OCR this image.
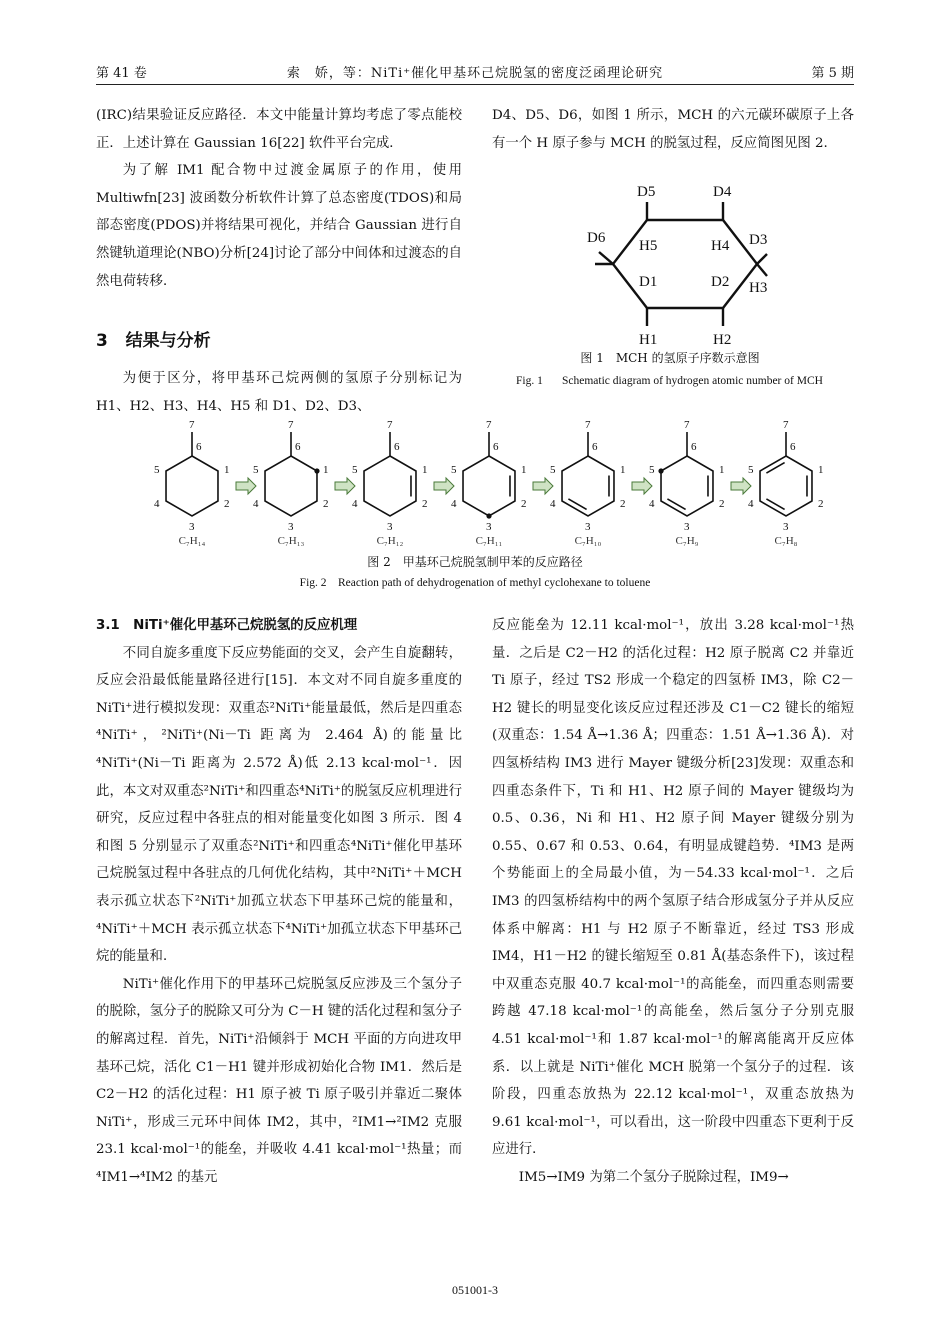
第 41 卷	索　娇，等：NiTi⁺催化甲基环己烷脱氢的密度泛函理论研究	第 5 期

(IRC)结果验证反应路径．本文中能量计算均考虑了零点能校正．上述计算在 Gaussian 16[22] 软件平台完成．

为了解 IM1 配合物中过渡金属原子的作用，使用 Multiwfn[23] 波函数分析软件计算了总态密度(TDOS)和局部态密度(PDOS)并将结果可视化，并结合 Gaussian 进行自然键轨道理论(NBO)分析[24]讨论了部分中间体和过渡态的自然电荷转移．

3 结果与分析

为便于区分，将甲基环己烷两侧的氢原子分别标记为 H1、H2、H3、H4、H5 和 D1、D2、D3、

D4、D5、D6，如图 1 所示，MCH 的六元碳环碳原子上各有一个 H 原子参与 MCH 的脱氢过程，反应简图见图 2.

D5	D4
D6 H5	H4 D3
D1	D2 H3
H1	H2
图 1　MCH 的氢原子序数示意图
Fig. 1 Schematic diagram of hydrogen atomic number of MCH
6
1
2
3
4
5
7
C₇H₁₄
6
1
2
3
4
5
7
C₇H₁₃
6
1
2
3
4
5
7
C₇H₁₂
6
1
2
3
4
5
7
C₇H₁₁
6
1
2
3
4
5
7
C₇H₁₀
6
1
2
3
4
5
7
C₇H₉
6
1
2
3
4
5
7
C₇H₈
图 2　甲基环己烷脱氢制甲苯的反应路径
Fig. 2　Reaction path of dehydrogenation of methyl cyclohexane to toluene

3.1　NiTi⁺催化甲基环己烷脱氢的反应机理

不同自旋多重度下反应势能面的交叉，会产生自旋翻转，反应会沿最低能量路径进行[15]．本文对不同自旋多重度的 NiTi⁺进行模拟发现：双重态²NiTi⁺能量最低，然后是四重态⁴NiTi⁺，²NiTi⁺(Ni－Ti 距离为 2.464 Å)的能量比⁴NiTi⁺(Ni－Ti 距离为 2.572 Å)低 2.13 kcal·mol⁻¹．因此，本文对双重态²NiTi⁺和四重态⁴NiTi⁺的脱氢反应机理进行研究，反应过程中各驻点的相对能量变化如图 3 所示．图 4 和图 5 分别显示了双重态²NiTi⁺和四重态⁴NiTi⁺催化甲基环己烷脱氢过程中各驻点的几何优化结构，其中²NiTi⁺＋MCH 表示孤立状态下²NiTi⁺加孤立状态下甲基环己烷的能量和，⁴NiTi⁺＋MCH 表示孤立状态下⁴NiTi⁺加孤立状态下甲基环己烷的能量和．

NiTi⁺催化作用下的甲基环己烷脱氢反应涉及三个氢分子的脱除，氢分子的脱除又可分为 C－H 键的活化过程和氢分子的解离过程．首先，NiTi⁺沿倾斜于 MCH 平面的方向进攻甲基环己烷，活化 C1－H1 键并形成初始化合物 IM1．然后是 C2－H2 的活化过程：H1 原子被 Ti 原子吸引并靠近二聚体 NiTi⁺，形成三元环中间体 IM2，其中，²IM1→²IM2 克服 23.1 kcal·mol⁻¹的能垒，并吸收 4.41 kcal·mol⁻¹热量；而⁴IM1→⁴IM2 的基元

反应能垒为 12.11 kcal·mol⁻¹，放出 3.28 kcal·mol⁻¹热量．之后是 C2－H2 的活化过程：H2 原子脱离 C2 并靠近 Ti 原子，经过 TS2 形成一个稳定的四氢桥 IM3，除 C2－H2 键长的明显变化该反应过程还涉及 C1－C2 键长的缩短(双重态：1.54 Å→1.36 Å；四重态：1.51 Å→1.36 Å)．对四氢桥结构 IM3 进行 Mayer 键级分析[23]发现：双重态和四重态条件下，Ti 和 H1、H2 原子间的 Mayer 键级均为 0.5、0.36，Ni 和 H1、H2 原子间 Mayer 键级分别为 0.55、0.67 和 0.53、0.64，有明显成键趋势．⁴IM3 是两个势能面上的全局最小值，为－54.33 kcal·mol⁻¹．之后 IM3 的四氢桥结构中的两个氢原子结合形成氢分子并从反应体系中解离：H1 与 H2 原子不断靠近，经过 TS3 形成 IM4，H1－H2 的键长缩短至 0.81 Å(基态条件下)，该过程中双重态克服 40.7 kcal·mol⁻¹的高能垒，而四重态则需要跨越 47.18 kcal·mol⁻¹的高能垒，然后氢分子分别克服 4.51 kcal·mol⁻¹和 1.87 kcal·mol⁻¹的解离能离开反应体系．以上就是 NiTi⁺催化 MCH 脱第一个氢分子的过程．该阶段，四重态放热为 22.12 kcal·mol⁻¹，双重态放热为 9.61 kcal·mol⁻¹，可以看出，这一阶段中四重态下更利于反应进行．

IM5→IM9 为第二个氢分子脱除过程，IM9→

051001-3
